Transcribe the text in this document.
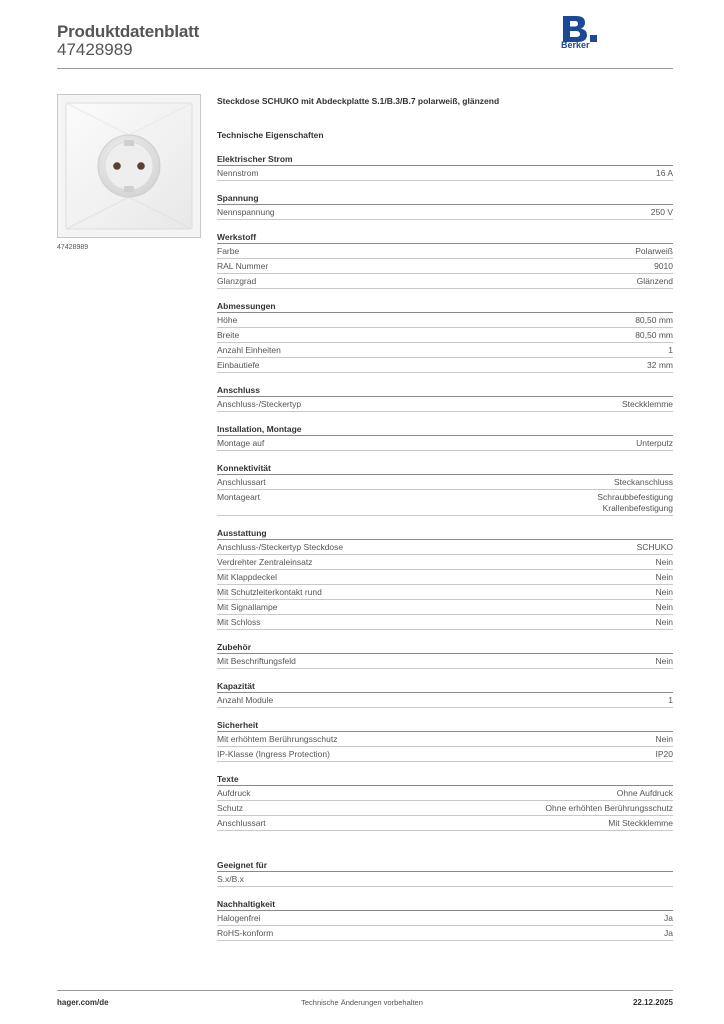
Produktdatenblatt
47428989	Berker
47428989
Steckdose SCHUKO mit Abdeckplatte S.1/B.3/B.7 polarweiß, glänzend
Technische Eigenschaften
Elektrischer Strom
Nennstrom	16 A
Spannung
Nennspannung	250 V
Werkstoff
Farbe	Polarweiß
RAL Nummer	9010
Glanzgrad	Glänzend
Abmessungen
Höhe	80,50 mm
Breite	80,50 mm
Anzahl Einheiten	1
Einbautiefe	32 mm
Anschluss
Anschluss-/Steckertyp	Steckklemme
Installation, Montage
Montage auf	Unterputz
Konnektivität
Anschlussart	Steckanschluss
Montageart	Schraubbefestigung
Krallenbefestigung
Ausstattung
Anschluss-/Steckertyp Steckdose	SCHUKO
Verdrehter Zentraleinsatz	Nein
Mit Klappdeckel	Nein
Mit Schutzleiterkontakt rund	Nein
Mit Signallampe	Nein
Mit Schloss	Nein
Zubehör
Mit Beschriftungsfeld	Nein
Kapazität
Anzahl Module	1
Sicherheit
Mit erhöhtem Berührungsschutz	Nein
IP-Klasse (Ingress Protection)	IP20
Texte
Aufdruck	Ohne Aufdruck
Schutz	Ohne erhöhten Berührungsschutz
Anschlussart	Mit Steckklemme
Geeignet für
S.x/B.x
Nachhaltigkeit
Halogenfrei	Ja
RoHS-konform	Ja
Technische Änderungen vorbehalten
hager.com/de	22.12.2025
